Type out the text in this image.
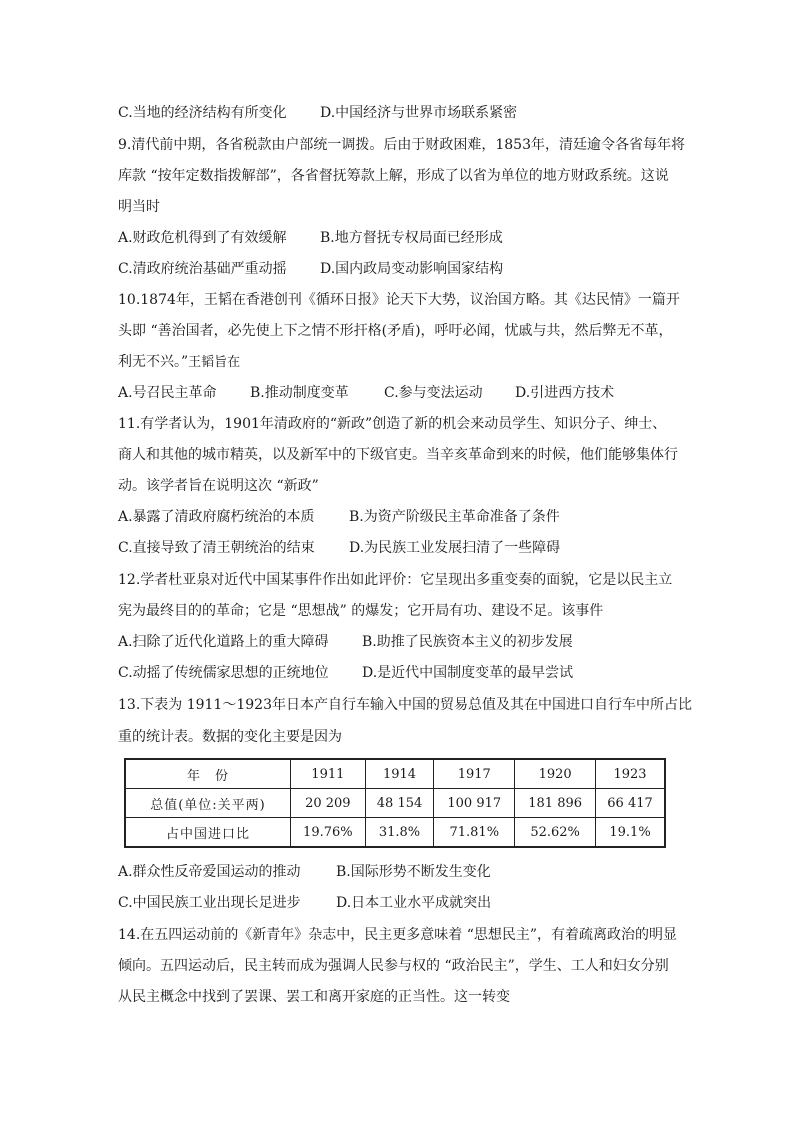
C.当地的经济结构有所变化 D.中国经济与世界市场联系紧密
9.清代前中期，各省税款由户部统一调拨。后由于财政困难，1853年，清廷逾令各省每年将
库款 “按年定数指拨解部”，各省督抚筹款上解，形成了以省为单位的地方财政系统。这说
明当时
A.财政危机得到了有效缓解 B.地方督抚专权局面已经形成
C.清政府统治基础严重动摇 D.国内政局变动影响国家结构
10.1874年，王韬在香港创刊《循环日报》论天下大势，议治国方略。其《达民情》一篇开
头即 “善治国者，必先使上下之情不形扞格(矛盾)，呼吁必闻，忧戚与共，然后弊无不革，
利无不兴。”王韬旨在
A.号召民主革命 B.推动制度变革	C.参与变法运动 D.引进西方技术
11.有学者认为，1901年清政府的“新政”创造了新的机会来动员学生、知识分子、绅士、
商人和其他的城市精英，以及新军中的下级官吏。当辛亥革命到来的时候，他们能够集体行
动。该学者旨在说明这次 “新政”
A.暴露了清政府腐朽统治的本质 B.为资产阶级民主革命准备了条件
C.直接导致了清王朝统治的结束 D.为民族工业发展扫清了一些障碍
12.学者杜亚泉对近代中国某事件作出如此评价：它呈现出多重变奏的面貌，它是以民主立
宪为最终目的的革命；它是 “思想战” 的爆发；它开局有功、建设不足。该事件
A.扫除了近代化道路上的重大障碍 B.助推了民族资本主义的初步发展
C.动摇了传统儒家思想的正统地位 D.是近代中国制度变革的最早尝试
13.下表为 1911～1923年日本产自行车输入中国的贸易总值及其在中国进口自行车中所占比
重的统计表。数据的变化主要是因为
年　份	1911	1914	1917	1920	1923
总值(单位:关平两)	20 209	48 154	100 917	181 896	66 417
占中国进口比	19.76%	31.8%	71.81%	52.62%	19.1%
A.群众性反帝爱国运动的推动	B.国际形势不断发生变化
C.中国民族工业出现长足进步	D.日本工业水平成就突出
14.在五四运动前的《新青年》杂志中，民主更多意味着 “思想民主”，有着疏离政治的明显
倾向。五四运动后，民主转而成为强调人民参与权的 “政治民主”，学生、工人和妇女分别
从民主概念中找到了罢课、罢工和离开家庭的正当性。这一转变
